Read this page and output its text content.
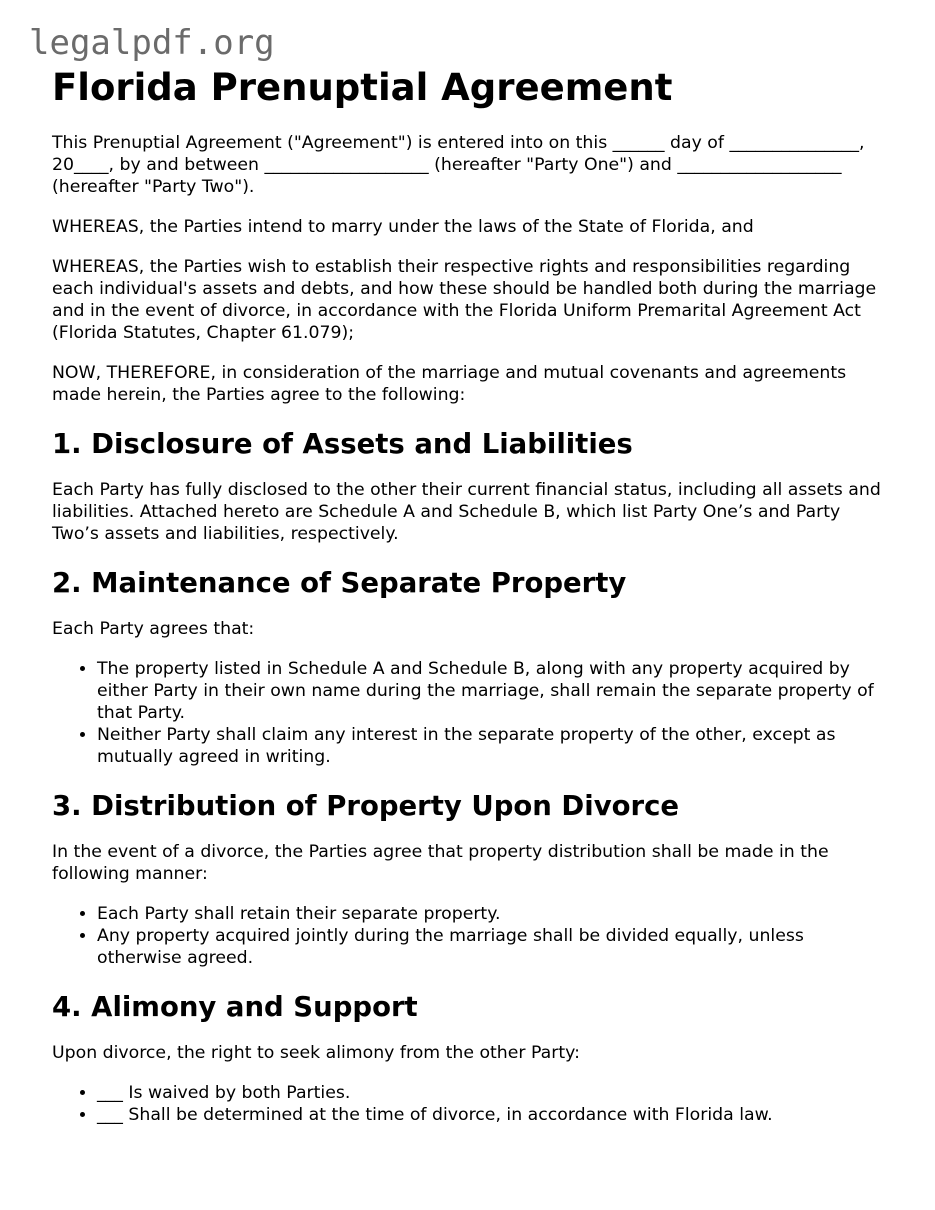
legalpdf.org
Florida Prenuptial Agreement

This Prenuptial Agreement ("Agreement") is entered into on this ______ day of _______________, 20____, by and between ___________________ (hereafter "Party One") and ___________________ (hereafter "Party Two").

WHEREAS, the Parties intend to marry under the laws of the State of Florida, and

WHEREAS, the Parties wish to establish their respective rights and responsibilities regarding each individual's assets and debts, and how these should be handled both during the marriage and in the event of divorce, in accordance with the Florida Uniform Premarital Agreement Act (Florida Statutes, Chapter 61.079);

NOW, THEREFORE, in consideration of the marriage and mutual covenants and agreements made herein, the Parties agree to the following:

1. Disclosure of Assets and Liabilities

Each Party has fully disclosed to the other their current financial status, including all assets and liabilities. Attached hereto are Schedule A and Schedule B, which list Party One’s and Party Two’s assets and liabilities, respectively.

2. Maintenance of Separate Property

Each Party agrees that:

• The property listed in Schedule A and Schedule B, along with any property acquired by either Party in their own name during the marriage, shall remain the separate property of that Party.
• Neither Party shall claim any interest in the separate property of the other, except as mutually agreed in writing.
3. Distribution of Property Upon Divorce

In the event of a divorce, the Parties agree that property distribution shall be made in the following manner:

• Each Party shall retain their separate property.
• Any property acquired jointly during the marriage shall be divided equally, unless otherwise agreed.
4. Alimony and Support

Upon divorce, the right to seek alimony from the other Party:

• ___ Is waived by both Parties.
• ___ Shall be determined at the time of divorce, in accordance with Florida law.
